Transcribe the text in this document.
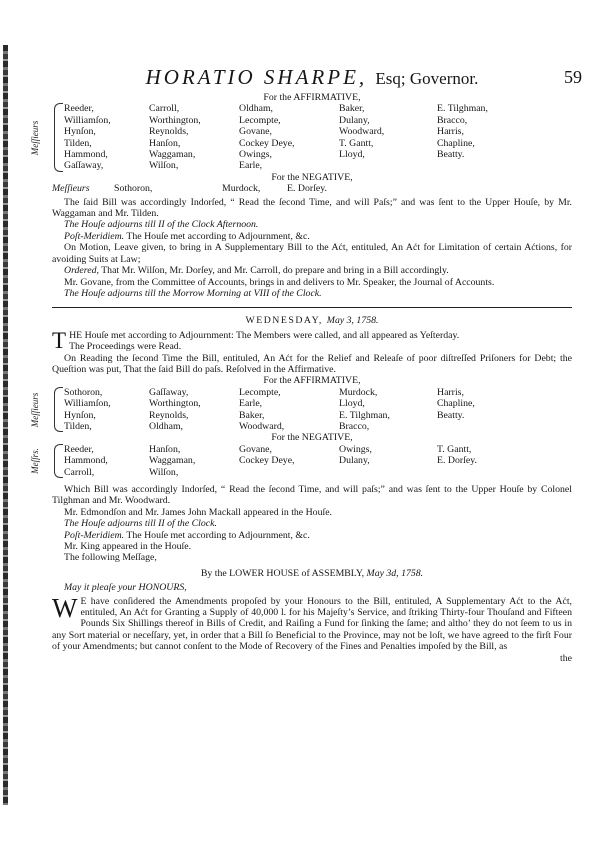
HORATIO SHARPE, Esq; Governor.	59
For the AFFIRMATIVE,
Meſſieurs
Reeder,	Carroll,	Oldham,	Baker,	E. Tilghman,
Williamſon,	Worthington,	Lecompte,	Dulany,	Bracco,
Hynſon,	Reynolds,	Govane,	Woodward,	Harris,
Tilden,	Hanſon,	Cockey Deye,	T. Gantt,	Chapline,
Hammond,	Waggaman,	Owings,	Lloyd,	Beatty.
Gaſſaway,	Wilſon,	Earle,
For the NEGATIVE,
Meſſieurs	Sothoron,	Murdock,	E. Dorſey.

The ſaid Bill was accordingly Indorſed, “ Read the ſecond Time, and will Paſs;” and was ſent to the Upper Houſe, by Mr. Waggaman and Mr. Tilden.

The Houſe adjourns till II of the Clock Afternoon.

Poſt-Meridiem. The Houſe met according to Adjournment, &c.

On Motion, Leave given, to bring in A Supplementary Bill to the Aćt, entituled, An Aćt for Limitation of certain Aćtions, for avoiding Suits at Law;

Ordered, That Mr. Wilſon, Mr. Dorſey, and Mr. Carroll, do prepare and bring in a Bill accordingly.

Mr. Govane, from the Committee of Accounts, brings in and delivers to Mr. Speaker, the Journal of Accounts.

The Houſe adjourns till the Morrow Morning at VIII of the Clock.

WEDNESDAY, May 3, 1758.

THE Houſe met according to Adjournment: The Members were called, and all appeared as Yeſterday.

The Proceedings were Read.

On Reading the ſecond Time the Bill, entituled, An Aćt for the Relief and Releaſe of poor diſtreſſed Priſoners for Debt; the Queſtion was put, That the ſaid Bill do paſs. Reſolved in the Affirmative.

For the AFFIRMATIVE,
Meſſieurs
Sothoron,	Gaſſaway,	Lecompte,	Murdock,	Harris,
Williamſon,	Worthington,	Earle,	Lloyd,	Chapline,
Hynſon,	Reynolds,	Baker,	E. Tilghman,	Beatty.
Tilden,	Oldham,	Woodward,	Bracco,
For the NEGATIVE,
Meſſrs. Reeder,	Hanſon,	Govane,	Owings,	T. Gantt,
Hammond,	Waggaman,	Cockey Deye,	Dulany,	E. Dorſey.
Carroll,	Wilſon,

Which Bill was accordingly Indorſed, “ Read the ſecond Time, and will paſs;” and was ſent to the Upper Houſe by Colonel Tilghman and Mr. Woodward.

Mr. Edmondſon and Mr. James John Mackall appeared in the Houſe.

The Houſe adjourns till II of the Clock.

Poſt-Meridiem. The Houſe met according to Adjournment, &c.

Mr. King appeared in the Houſe.

The following Meſſage,

By the LOWER HOUSE of ASSEMBLY, May 3d, 1758.

May it pleaſe your HONOURS,

W E have conſidered the Amendments propoſed by your Honours to the Bill, entituled, A Supplementary Aćt to the Aćt, entituled, An Aćt for Granting a Supply of 40,000 l. for his Majeſty’s Service, and ſtriking Thirty-four Thouſand and Fifteen Pounds Six Shillings thereof in Bills of Credit, and Raiſing a Fund for ſinking the ſame; and altho’ they do not ſeem to us in any Sort material or neceſſary, yet, in order that a Bill ſo Beneficial to the Province, may not be loſt, we have agreed to the firſt Four of your Amendments; but cannot conſent to the Mode of Recovery of the Fines and Penalties impoſed by the Bill, as

the
